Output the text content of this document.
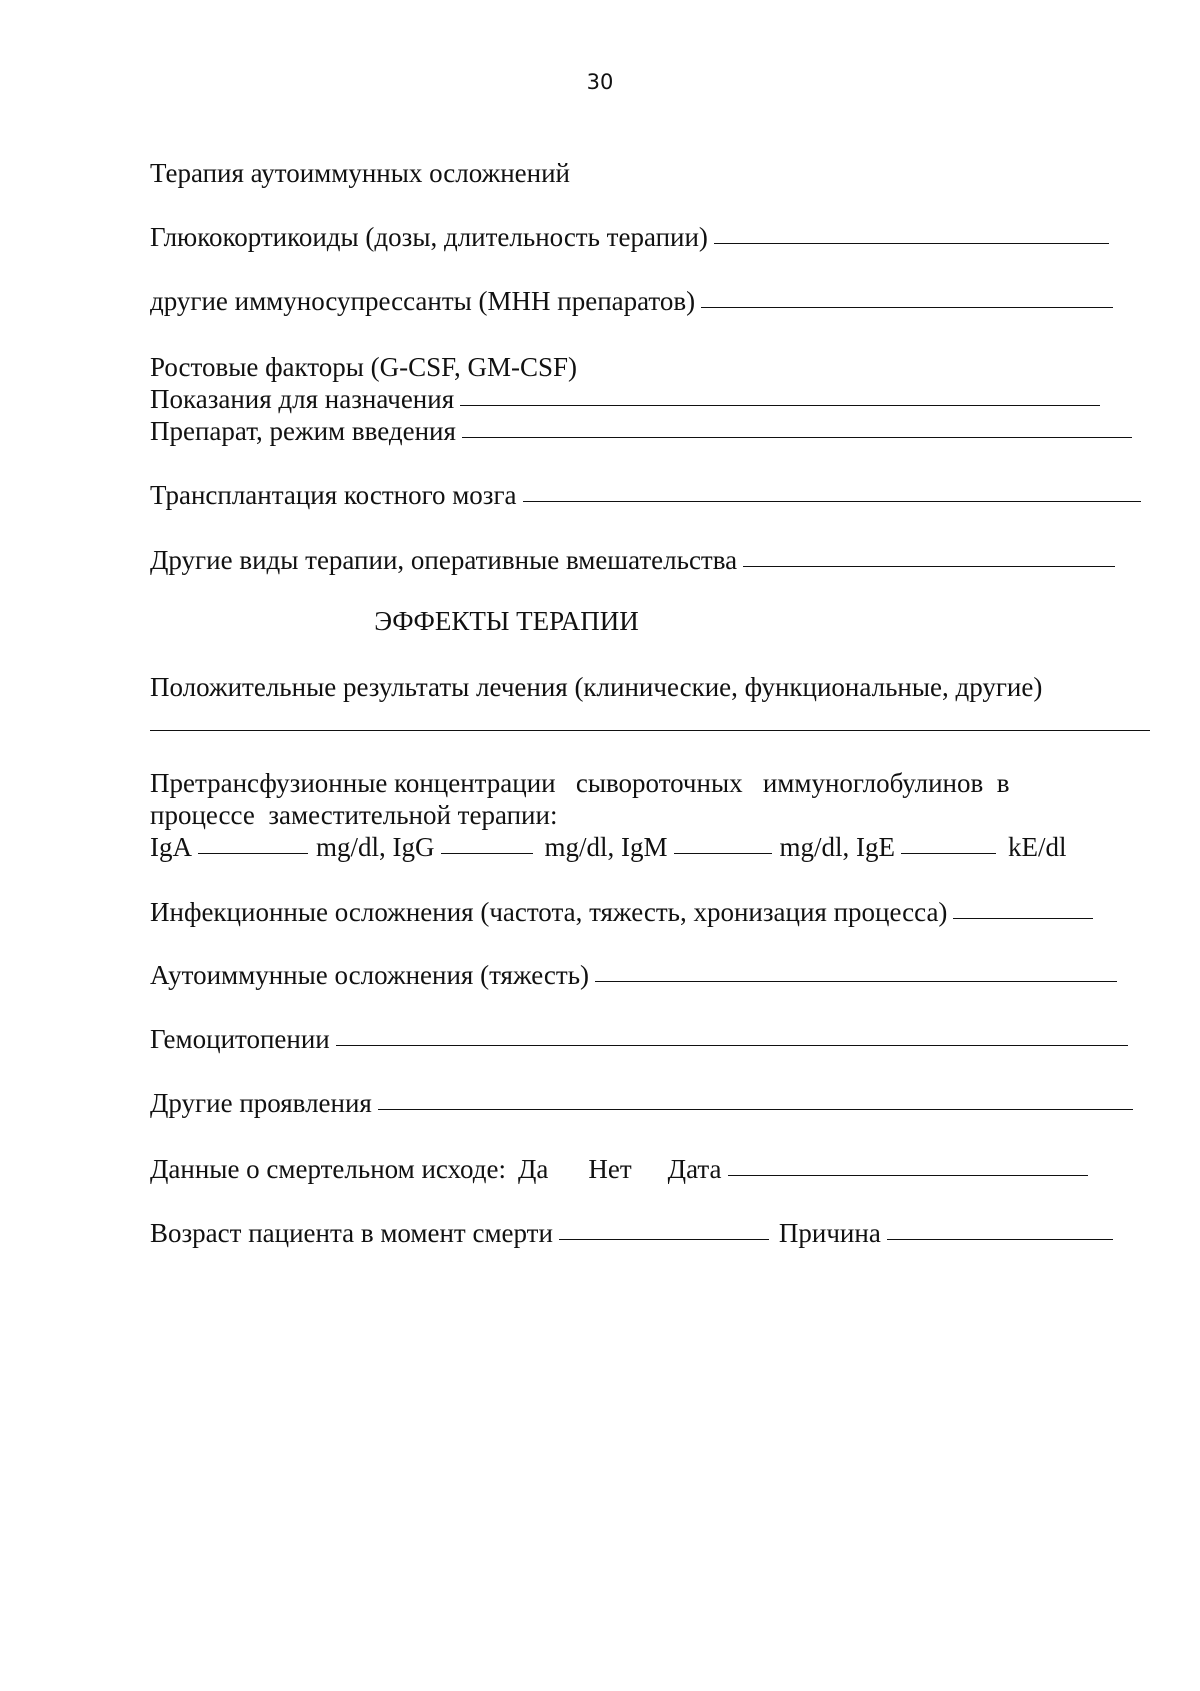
30
Терапия аутоиммунных осложнений
Глюкокортикоиды (дозы, длительность терапии)
другие иммуносупрессанты (МНН препаратов)
Ростовые факторы (G-CSF, GM-CSF)
Показания для назначения
Препарат, режим введения
Трансплантация костного мозга
Другие виды терапии, оперативные вмешательства
ЭФФЕКТЫ ТЕРАПИИ
Положительные результаты лечения (клинические, функциональные, другие)
Претрансфузионные концентрации   сывороточных   иммуноглобулинов  в
процессе  заместительной терапии:
IgA	mg/dl, IgG	mg/dl, IgM	mg/dl, IgE	kE/dl
Инфекционные осложнения (частота, тяжесть, хронизация процесса)
Аутоиммунные осложнения (тяжесть)
Гемоцитопении
Другие проявления
Данные о смертельном исходе: Да Нет Дата
Возраст пациента в момент смерти	Причина
